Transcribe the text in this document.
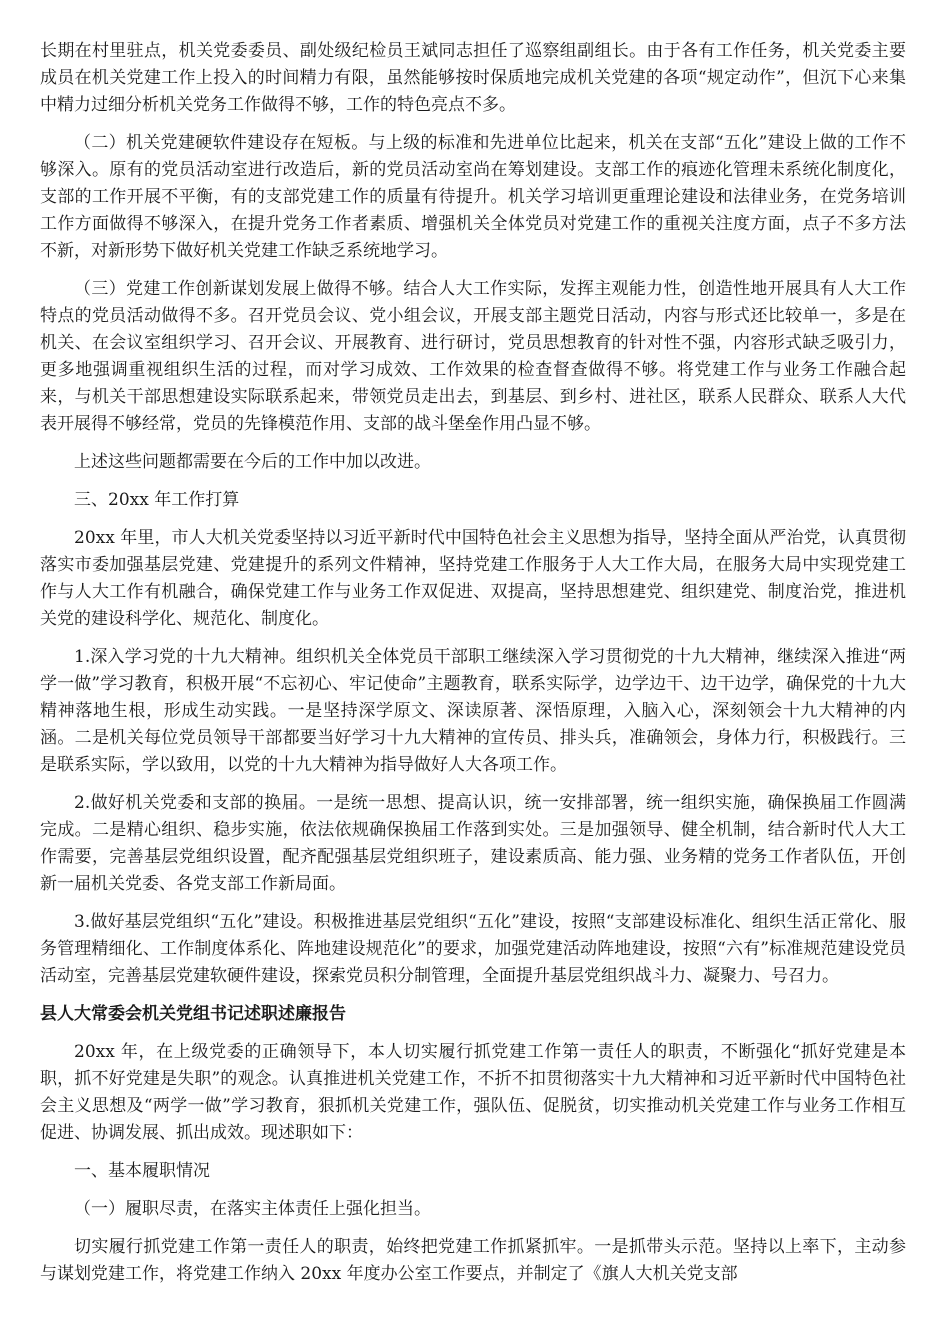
长期在村里驻点，机关党委委员、副处级纪检员王斌同志担任了巡察组副组长。由于各有工作任务，机关党委主要成员在机关党建工作上投入的时间精力有限，虽然能够按时保质地完成机关党建的各项“规定动作”，但沉下心来集中精力过细分析机关党务工作做得不够，工作的特色亮点不多。

（二）机关党建硬软件建设存在短板。与上级的标准和先进单位比起来，机关在支部“五化”建设上做的工作不够深入。原有的党员活动室进行改造后，新的党员活动室尚在筹划建设。支部工作的痕迹化管理未系统化制度化，支部的工作开展不平衡，有的支部党建工作的质量有待提升。机关学习培训更重理论建设和法律业务，在党务培训工作方面做得不够深入，在提升党务工作者素质、增强机关全体党员对党建工作的重视关注度方面，点子不多方法不新，对新形势下做好机关党建工作缺乏系统地学习。

（三）党建工作创新谋划发展上做得不够。结合人大工作实际，发挥主观能力性，创造性地开展具有人大工作特点的党员活动做得不多。召开党员会议、党小组会议，开展支部主题党日活动，内容与形式还比较单一，多是在机关、在会议室组织学习、召开会议、开展教育、进行研讨，党员思想教育的针对性不强，内容形式缺乏吸引力，更多地强调重视组织生活的过程，而对学习成效、工作效果的检查督查做得不够。将党建工作与业务工作融合起来，与机关干部思想建设实际联系起来，带领党员走出去，到基层、到乡村、进社区，联系人民群众、联系人大代表开展得不够经常，党员的先锋模范作用、支部的战斗堡垒作用凸显不够。

上述这些问题都需要在今后的工作中加以改进。

三、20xx 年工作打算

20xx 年里，市人大机关党委坚持以习近平新时代中国特色社会主义思想为指导，坚持全面从严治党，认真贯彻落实市委加强基层党建、党建提升的系列文件精神，坚持党建工作服务于人大工作大局，在服务大局中实现党建工作与人大工作有机融合，确保党建工作与业务工作双促进、双提高，坚持思想建党、组织建党、制度治党，推进机关党的建设科学化、规范化、制度化。

1.深入学习党的十九大精神。组织机关全体党员干部职工继续深入学习贯彻党的十九大精神，继续深入推进“两学一做”学习教育，积极开展“不忘初心、牢记使命”主题教育，联系实际学，边学边干、边干边学，确保党的十九大精神落地生根，形成生动实践。一是坚持深学原文、深读原著、深悟原理，入脑入心，深刻领会十九大精神的内涵。二是机关每位党员领导干部都要当好学习十九大精神的宣传员、排头兵，准确领会，身体力行，积极践行。三是联系实际，学以致用，以党的十九大精神为指导做好人大各项工作。

2.做好机关党委和支部的换届。一是统一思想、提高认识，统一安排部署，统一组织实施，确保换届工作圆满完成。二是精心组织、稳步实施，依法依规确保换届工作落到实处。三是加强领导、健全机制，结合新时代人大工作需要，完善基层党组织设置，配齐配强基层党组织班子，建设素质高、能力强、业务精的党务工作者队伍，开创新一届机关党委、各党支部工作新局面。

3.做好基层党组织“五化”建设。积极推进基层党组织“五化”建设，按照“支部建设标准化、组织生活正常化、服务管理精细化、工作制度体系化、阵地建设规范化”的要求，加强党建活动阵地建设，按照“六有”标准规范建设党员活动室，完善基层党建软硬件建设，探索党员积分制管理，全面提升基层党组织战斗力、凝聚力、号召力。

县人大常委会机关党组书记述职述廉报告

20xx 年，在上级党委的正确领导下，本人切实履行抓党建工作第一责任人的职责，不断强化“抓好党建是本职，抓不好党建是失职”的观念。认真推进机关党建工作，不折不扣贯彻落实十九大精神和习近平新时代中国特色社会主义思想及“两学一做”学习教育，狠抓机关党建工作，强队伍、促脱贫，切实推动机关党建工作与业务工作相互促进、协调发展、抓出成效。现述职如下：

一、基本履职情况

（一）履职尽责，在落实主体责任上强化担当。

切实履行抓党建工作第一责任人的职责，始终把党建工作抓紧抓牢。一是抓带头示范。坚持以上率下，主动参与谋划党建工作，将党建工作纳入 20xx 年度办公室工作要点，并制定了《旗人大机关党支部
